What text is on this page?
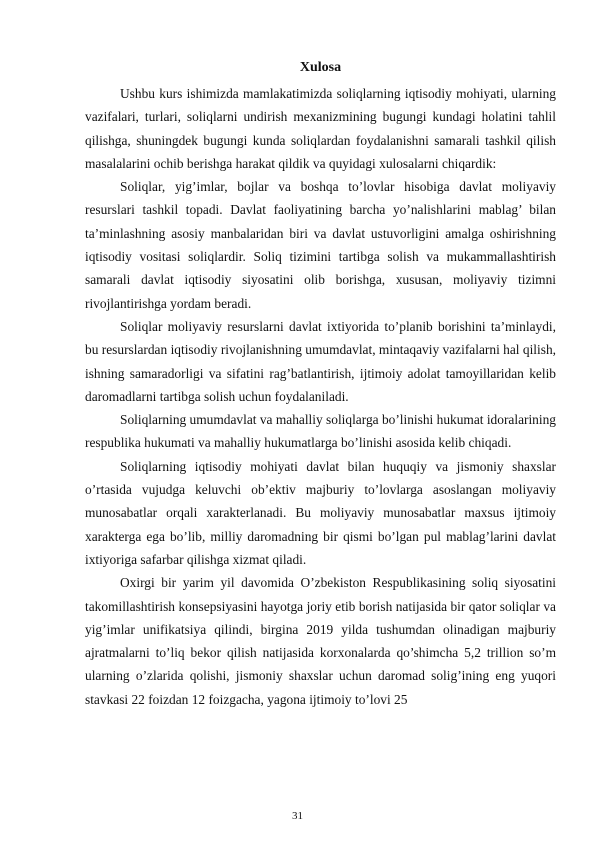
Xulosa

Ushbu kurs ishimizda mamlakatimizda soliqlarning iqtisodiy mohiyati, ularning vazifalari, turlari, soliqlarni undirish mexanizmining bugungi kundagi holatini tahlil qilishga, shuningdek bugungi kunda soliqlardan foydalanishni samarali tashkil qilish masalalarini ochib berishga harakat qildik va quyidagi xulosalarni chiqardik:

Soliqlar, yig’imlar, bojlar va boshqa to’lovlar hisobiga davlat moliyaviy resurslari tashkil topadi. Davlat faoliyatining barcha yo’nalishlarini mablag’ bilan ta’minlashning asosiy manbalaridan biri va davlat ustuvorligini amalga oshirishning iqtisodiy vositasi soliqlardir. Soliq tizimini tartibga solish va mukammallashtirish samarali davlat iqtisodiy siyosatini olib borishga, xususan, moliyaviy tizimni rivojlantirishga yordam beradi.

Soliqlar moliyaviy resurslarni davlat ixtiyorida to’planib borishini ta’minlaydi, bu resurslardan iqtisodiy rivojlanishning umumdavlat, mintaqaviy vazifalarni hal qilish, ishning samaradorligi va sifatini rag’batlantirish, ijtimoiy adolat tamoyillaridan kelib daromadlarni tartibga solish uchun foydalaniladi.

Soliqlarning umumdavlat va mahalliy soliqlarga bo’linishi hukumat idoralarining respublika hukumati va mahalliy hukumatlarga bo’linishi asosida kelib chiqadi.

Soliqlarning iqtisodiy mohiyati davlat bilan huquqiy va jismoniy shaxslar o’rtasida vujudga keluvchi ob’ektiv majburiy to’lovlarga asoslangan moliyaviy munosabatlar orqali xarakterlanadi. Bu moliyaviy munosabatlar maxsus ijtimoiy xarakterga ega bo’lib, milliy daromadning bir qismi bo’lgan pul mablag’larini davlat ixtiyoriga safarbar qilishga xizmat qiladi.

Oxirgi bir yarim yil davomida O’zbekiston Respublikasining soliq siyosatini takomillashtirish konsepsiyasini hayotga joriy etib borish natijasida bir qator soliqlar va yig’imlar unifikatsiya qilindi, birgina 2019 yilda tushumdan olinadigan majburiy ajratmalarni to’liq bekor qilish natijasida korxonalarda qo’shimcha 5,2 trillion so’m ularning o’zlarida qolishi, jismoniy shaxslar uchun daromad solig’ining eng yuqori stavkasi 22 foizdan 12 foizgacha, yagona ijtimoiy to’lovi 25

31
